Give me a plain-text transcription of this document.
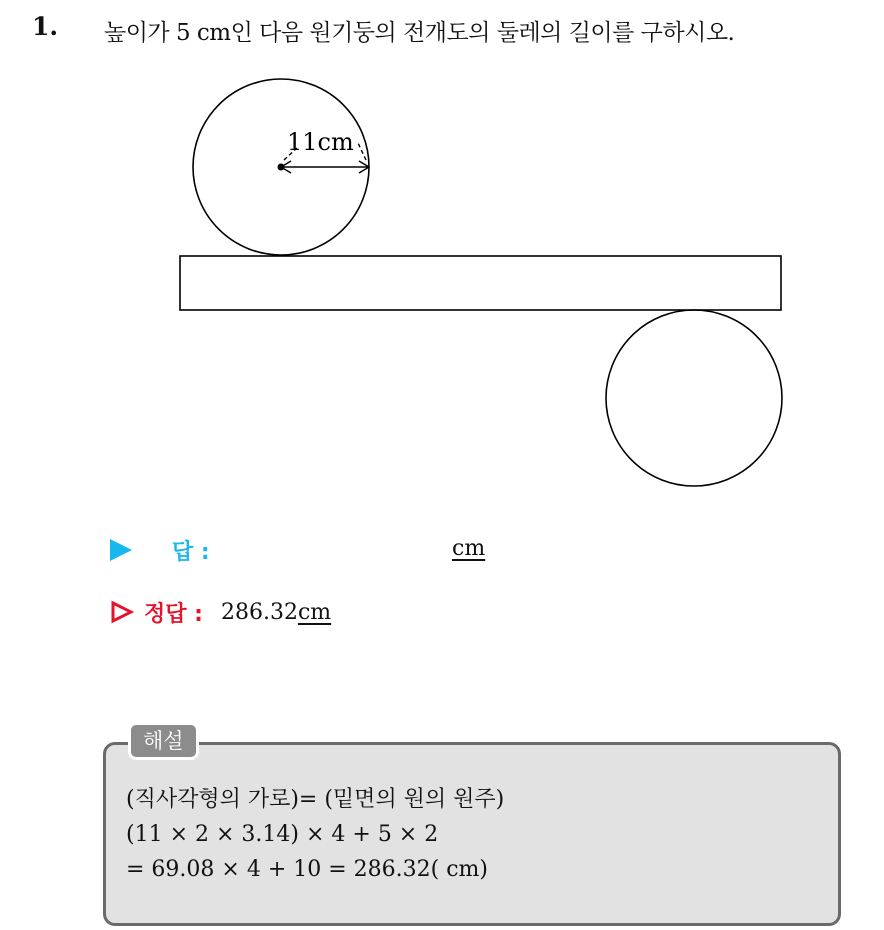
1. 높이가 5 cm인 다음 원기둥의 전개도의 둘레의 길이를 구하시오.
11cm
답 :	cm
정답 : 286.32 cm
해설
(직사각형의 가로)= (밑면의 원의 원주)
(11 × 2 × 3.14) × 4 + 5 × 2
= 69.08 × 4 + 10 = 286.32( cm)
